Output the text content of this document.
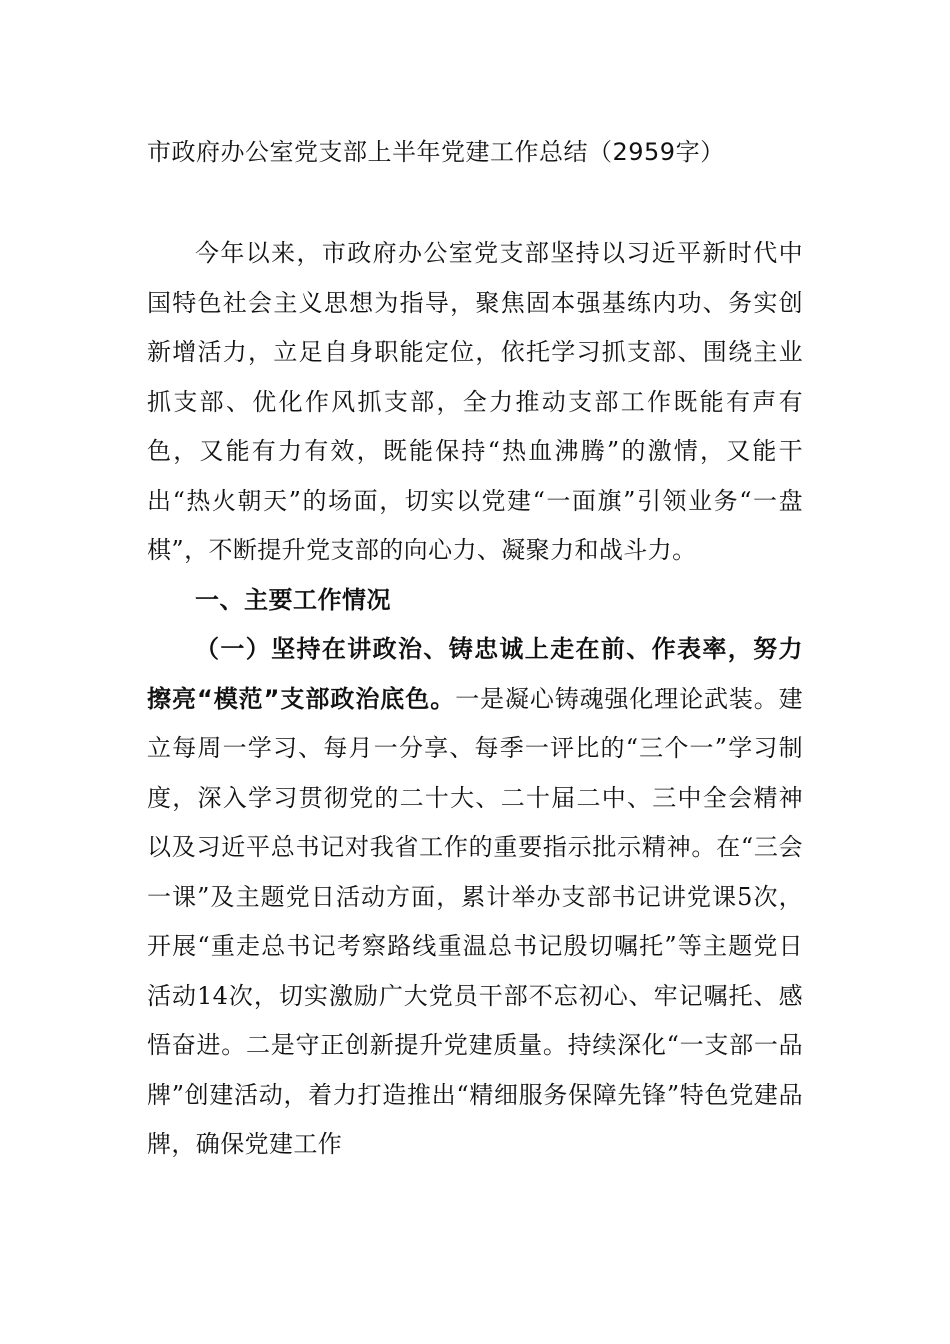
市政府办公室党支部上半年党建工作总结（2959字）

今年以来，市政府办公室党支部坚持以习近平新时代中国特色社会主义思想为指导，聚焦固本强基练内功、务实创新增活力，立足自身职能定位，依托学习抓支部、围绕主业抓支部、优化作风抓支部，全力推动支部工作既能有声有色，又能有力有效，既能保持“热血沸腾”的激情，又能干出“热火朝天”的场面，切实以党建“一面旗”引领业务“一盘棋”，不断提升党支部的向心力、凝聚力和战斗力。

一、主要工作情况

（一）坚持在讲政治、铸忠诚上走在前、作表率，努力擦亮“模范”支部政治底色。一是凝心铸魂强化理论武装。建立每周一学习、每月一分享、每季一评比的“三个一”学习制度，深入学习贯彻党的二十大、二十届二中、三中全会精神以及习近平总书记对我省工作的重要指示批示精神。在“三会一课”及主题党日活动方面，累计举办支部书记讲党课5次，开展“重走总书记考察路线重温总书记殷切嘱托”等主题党日活动14次，切实激励广大党员干部不忘初心、牢记嘱托、感悟奋进。二是守正创新提升党建质量。持续深化“一支部一品牌”创建活动，着力打造推出“精细服务保障先锋”特色党建品牌，确保党建工作
